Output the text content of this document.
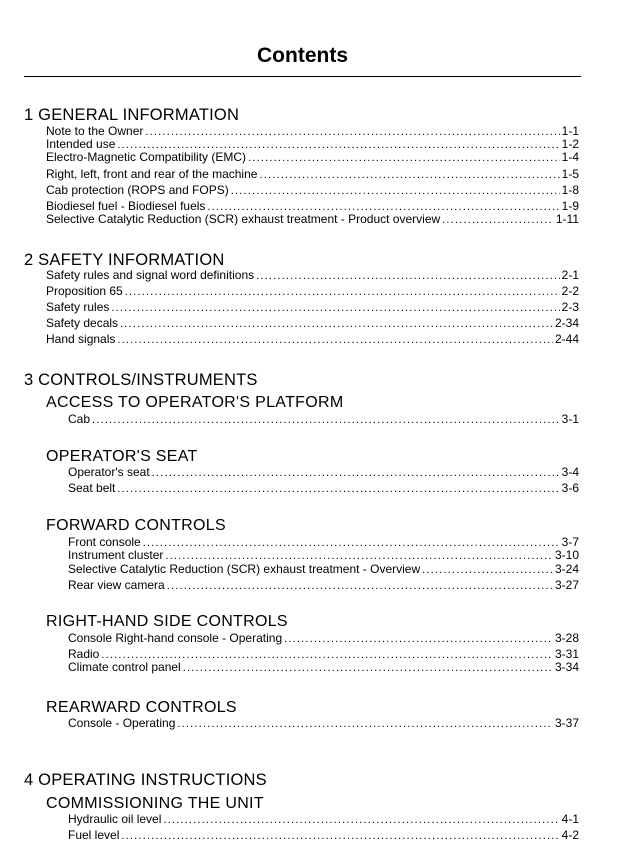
Contents
1 GENERAL INFORMATION
Note to the Owner .....	1-1
Intended use .....	1-2
Electro-Magnetic Compatibility (EMC) .....	1-4
Right, left, front and rear of the machine .....	1-5
Cab protection (ROPS and FOPS) .....	1-8
Biodiesel fuel - Biodiesel fuels .....	1-9
Selective Catalytic Reduction (SCR) exhaust treatment - Product overview .....	1-11
2 SAFETY INFORMATION
Safety rules and signal word definitions .....	2-1
Proposition 65 .....	2-2
Safety rules .....	2-3
Safety decals .....	2-34
Hand signals .....	2-44
3 CONTROLS/INSTRUMENTS
ACCESS TO OPERATOR'S PLATFORM
Cab .....	3-1
OPERATOR'S SEAT
Operator's seat .....	3-4
Seat belt .....	3-6
FORWARD CONTROLS
Front console .....	3-7
Instrument cluster .....	3-10
Selective Catalytic Reduction (SCR) exhaust treatment - Overview .....	3-24
Rear view camera .....	3-27
RIGHT-HAND SIDE CONTROLS
Console Right-hand console - Operating .....	3-28
Radio .....	3-31
Climate control panel .....	3-34
REARWARD CONTROLS
Console - Operating .....	3-37
4 OPERATING INSTRUCTIONS
COMMISSIONING THE UNIT
Hydraulic oil level .....	4-1
Fuel level .....	4-2
